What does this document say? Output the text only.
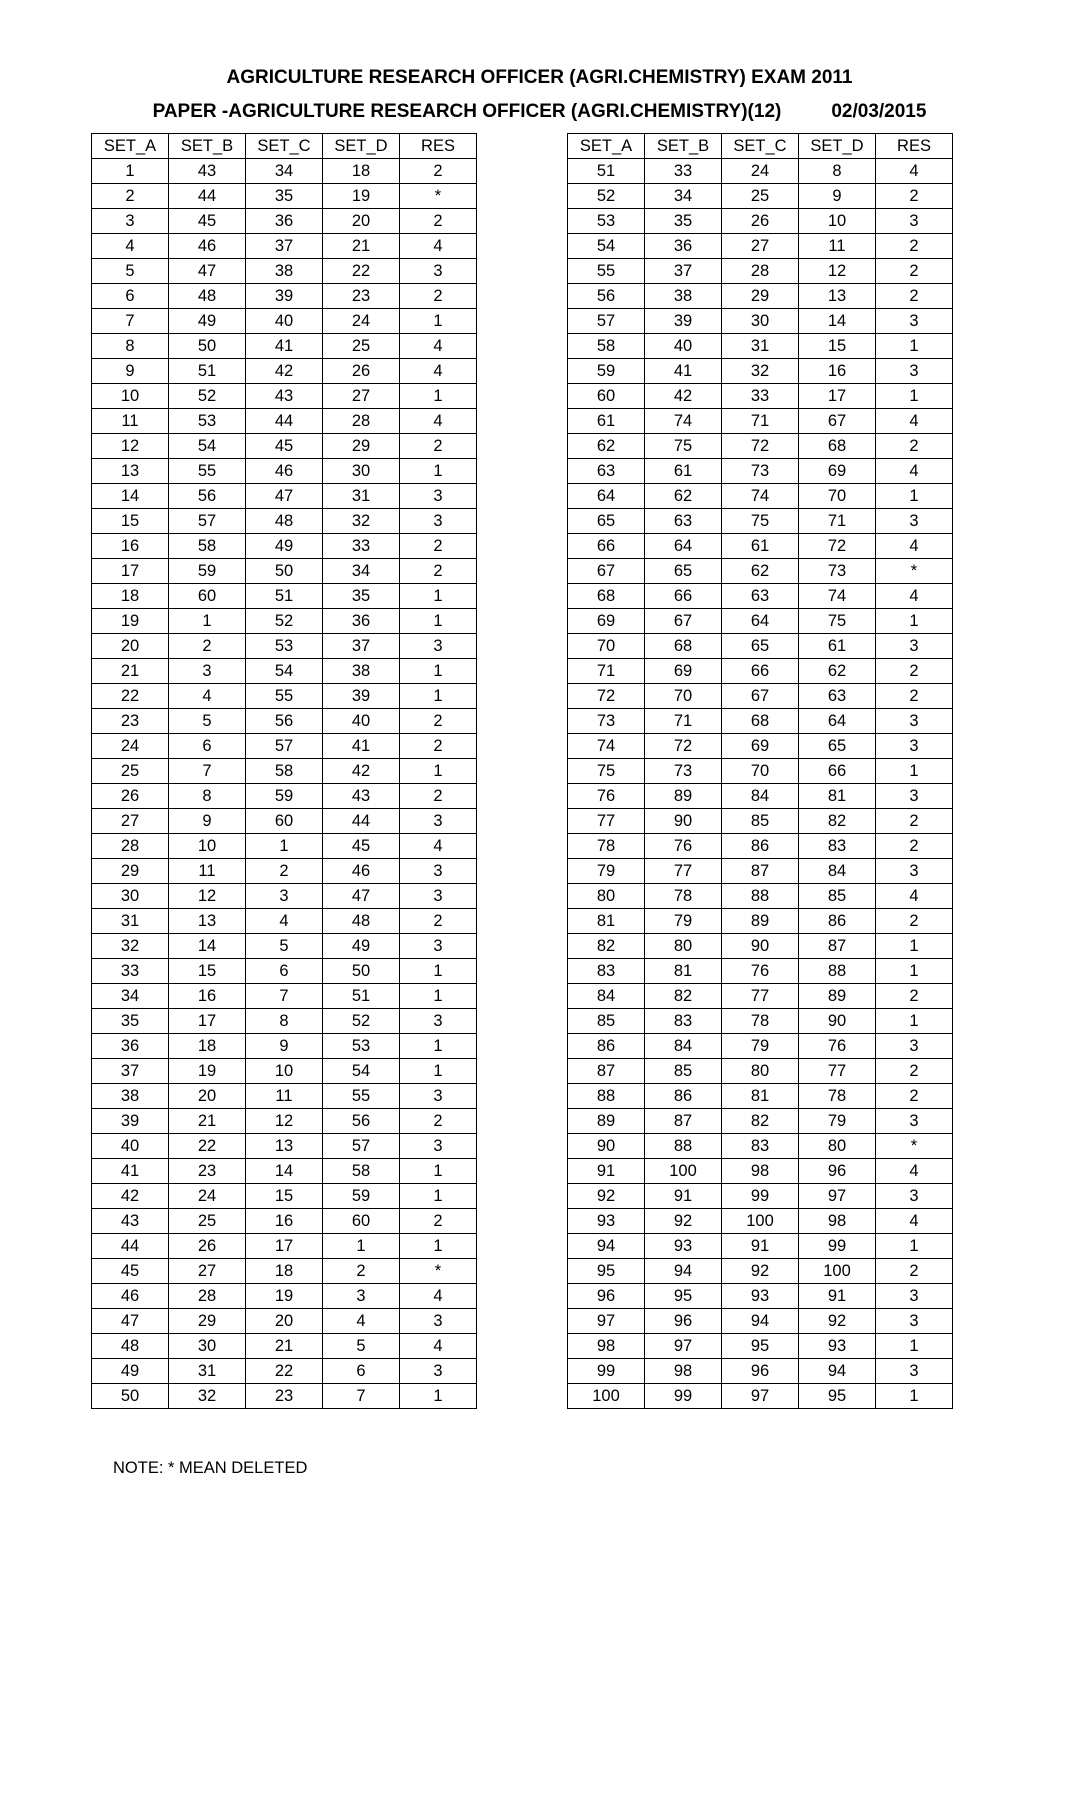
AGRICULTURE RESEARCH OFFICER (AGRI.CHEMISTRY) EXAM 2011
PAPER -AGRICULTURE RESEARCH OFFICER (AGRI.CHEMISTRY)(12)	02/03/2015
SET_A	SET_B	SET_C	SET_D	RES
1	43	34	18	2
2	44	35	19	*
3	45	36	20	2
4	46	37	21	4
5	47	38	22	3
6	48	39	23	2
7	49	40	24	1
8	50	41	25	4
9	51	42	26	4
10	52	43	27	1
11	53	44	28	4
12	54	45	29	2
13	55	46	30	1
14	56	47	31	3
15	57	48	32	3
16	58	49	33	2
17	59	50	34	2
18	60	51	35	1
19	1	52	36	1
20	2	53	37	3
21	3	54	38	1
22	4	55	39	1
23	5	56	40	2
24	6	57	41	2
25	7	58	42	1
26	8	59	43	2
27	9	60	44	3
28	10	1	45	4
29	11	2	46	3
30	12	3	47	3
31	13	4	48	2
32	14	5	49	3
33	15	6	50	1
34	16	7	51	1
35	17	8	52	3
36	18	9	53	1
37	19	10	54	1
38	20	11	55	3
39	21	12	56	2
40	22	13	57	3
41	23	14	58	1
42	24	15	59	1
43	25	16	60	2
44	26	17	1	1
45	27	18	2	*
46	28	19	3	4
47	29	20	4	3
48	30	21	5	4
49	31	22	6	3
50	32	23	7	1
SET_A	SET_B	SET_C	SET_D	RES
51	33	24	8	4
52	34	25	9	2
53	35	26	10	3
54	36	27	11	2
55	37	28	12	2
56	38	29	13	2
57	39	30	14	3
58	40	31	15	1
59	41	32	16	3
60	42	33	17	1
61	74	71	67	4
62	75	72	68	2
63	61	73	69	4
64	62	74	70	1
65	63	75	71	3
66	64	61	72	4
67	65	62	73	*
68	66	63	74	4
69	67	64	75	1
70	68	65	61	3
71	69	66	62	2
72	70	67	63	2
73	71	68	64	3
74	72	69	65	3
75	73	70	66	1
76	89	84	81	3
77	90	85	82	2
78	76	86	83	2
79	77	87	84	3
80	78	88	85	4
81	79	89	86	2
82	80	90	87	1
83	81	76	88	1
84	82	77	89	2
85	83	78	90	1
86	84	79	76	3
87	85	80	77	2
88	86	81	78	2
89	87	82	79	3
90	88	83	80	*
91	100	98	96	4
92	91	99	97	3
93	92	100	98	4
94	93	91	99	1
95	94	92	100	2
96	95	93	91	3
97	96	94	92	3
98	97	95	93	1
99	98	96	94	3
100	99	97	95	1
NOTE: * MEAN DELETED
